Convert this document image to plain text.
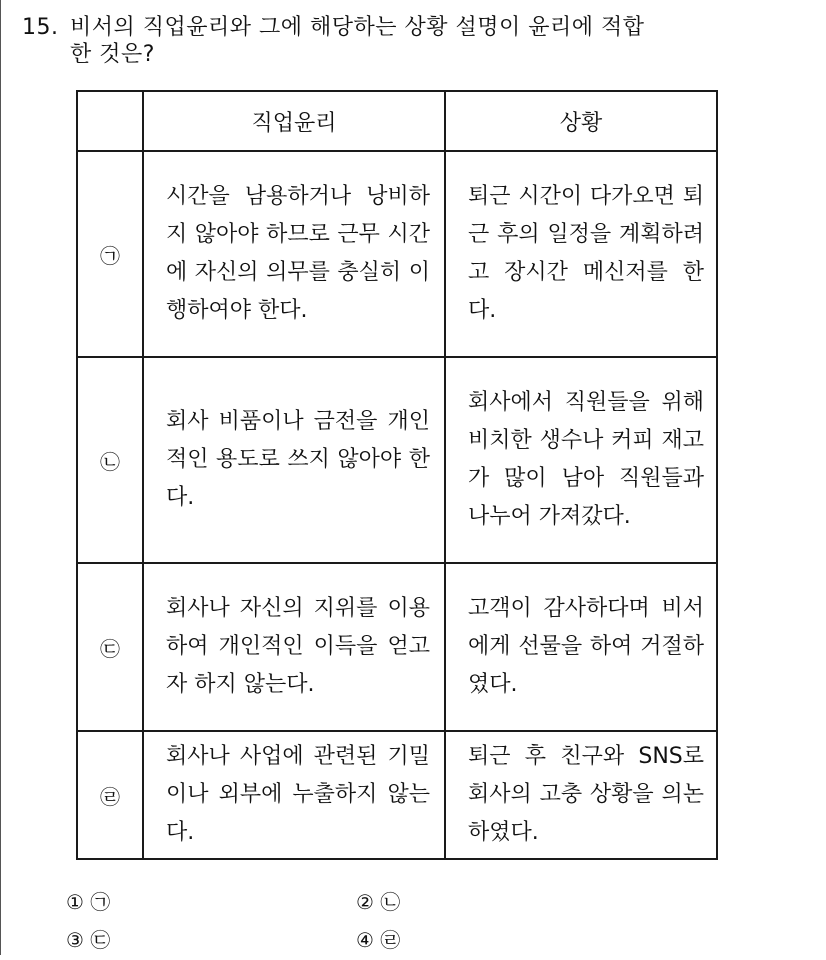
15. 비서의 직업윤리와 그에 해당하는 상황 설명이 윤리에 적합
한 것은?
	직업윤리	상황
㉠	시간을 남용하거나 낭비하지 않아야 하므로 근무 시간에 자신의 의무를 충실히 이행하여야 한다.	퇴근 시간이 다가오면 퇴근 후의 일정을 계획하려고 장시간 메신저를 한다.
㉡	회사 비품이나 금전을 개인적인 용도로 쓰지 않아야 한다.	회사에서 직원들을 위해 비치한 생수나 커피 재고가 많이 남아 직원들과 나누어 가져갔다.
㉢	회사나 자신의 지위를 이용하여 개인적인 이득을 얻고자 하지 않는다.	고객이 감사하다며 비서에게 선물을 하여 거절하였다.
㉣	회사나 사업에 관련된 기밀이나 외부에 누출하지 않는다.	퇴근 후 친구와 SNS로 회사의 고충 상황을 의논하였다.
① ㉠	② ㉡
③ ㉢	④ ㉣
